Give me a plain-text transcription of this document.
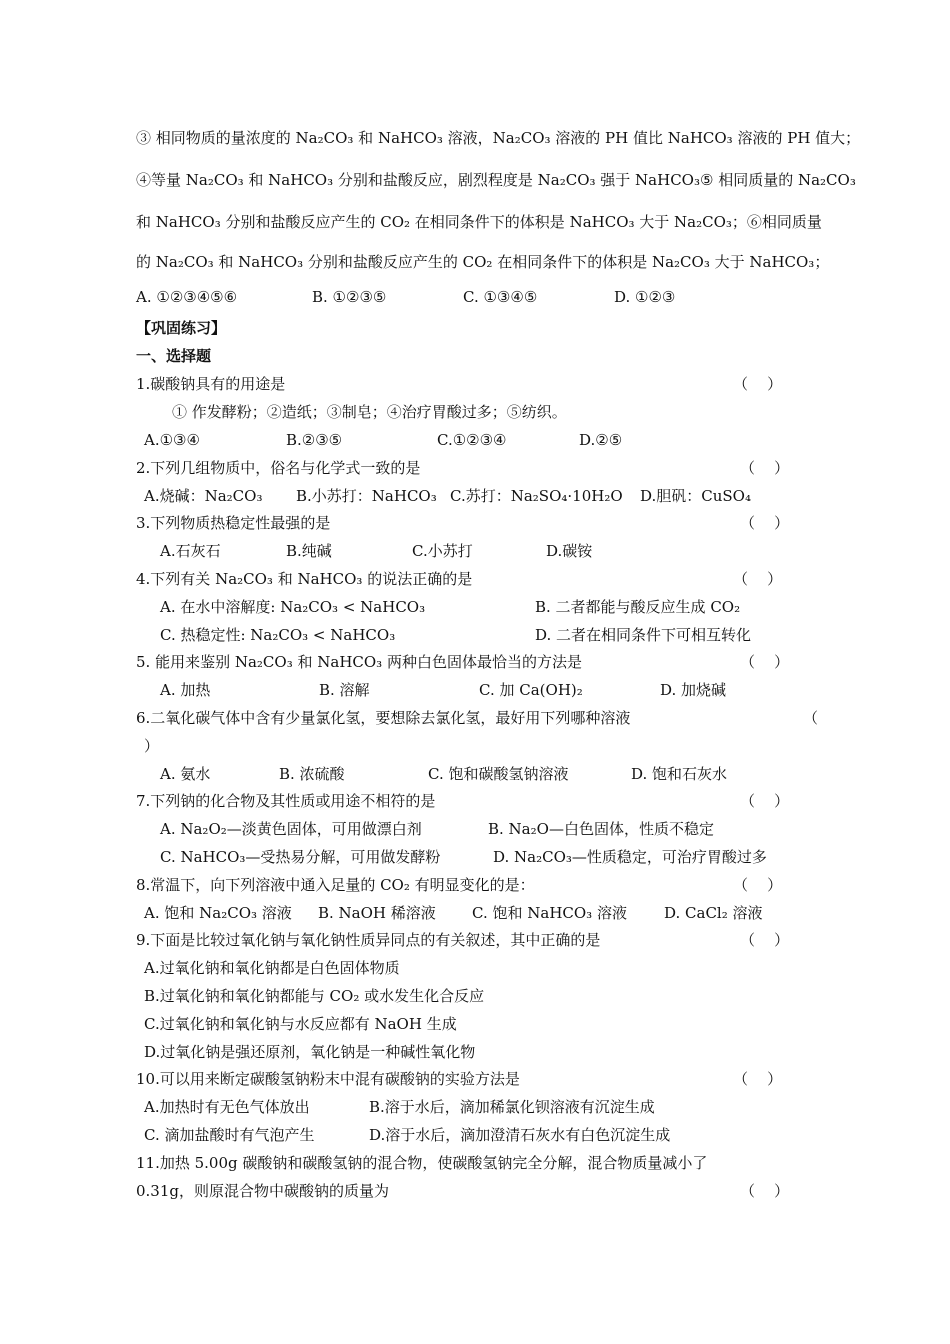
③ 相同物质的量浓度的 Na₂CO₃ 和 NaHCO₃ 溶液，Na₂CO₃ 溶液的 PH 值比 NaHCO₃ 溶液的 PH 值大；
④等量 Na₂CO₃ 和 NaHCO₃ 分别和盐酸反应，剧烈程度是 Na₂CO₃ 强于 NaHCO₃⑤ 相同质量的 Na₂CO₃
和 NaHCO₃ 分别和盐酸反应产生的 CO₂ 在相同条件下的体积是 NaHCO₃ 大于 Na₂CO₃；⑥相同质量
的 Na₂CO₃ 和 NaHCO₃ 分别和盐酸反应产生的 CO₂ 在相同条件下的体积是 Na₂CO₃ 大于 NaHCO₃；
A. ①②③④⑤⑥	B. ①②③⑤	C. ①③④⑤	D. ①②③
【巩固练习】
一、选择题
1.碳酸钠具有的用途是	（    ）
① 作发酵粉；②造纸；③制皂；④治疗胃酸过多；⑤纺织。
A.①③④	B.②③⑤	C.①②③④	D.②⑤
2.下列几组物质中，俗名与化学式一致的是	（    ）
A.烧碱：Na₂CO₃ B.小苏打：NaHCO₃ C.苏打：Na₂SO₄·10H₂O D.胆矾：CuSO₄
3.下列物质热稳定性最强的是	（    ）
A.石灰石	B.纯碱	C.小苏打	D.碳铵
4.下列有关 Na₂CO₃ 和 NaHCO₃ 的说法正确的是	（    ）
A. 在水中溶解度: Na₂CO₃ < NaHCO₃	B. 二者都能与酸反应生成 CO₂
C. 热稳定性: Na₂CO₃ < NaHCO₃	D. 二者在相同条件下可相互转化
5. 能用来鉴别 Na₂CO₃ 和 NaHCO₃ 两种白色固体最恰当的方法是	（    ）
A. 加热	B. 溶解	C. 加 Ca(OH)₂	D. 加烧碱
6.二氧化碳气体中含有少量氯化氢，要想除去氯化氢，最好用下列哪种溶液	（
）
A. 氨水	B. 浓硫酸	C. 饱和碳酸氢钠溶液	D. 饱和石灰水
7.下列钠的化合物及其性质或用途不相符的是	（    ）
A. Na₂O₂—淡黄色固体，可用做漂白剂	B. Na₂O—白色固体，性质不稳定
C. NaHCO₃—受热易分解，可用做发酵粉	D. Na₂CO₃—性质稳定，可治疗胃酸过多
8.常温下，向下列溶液中通入足量的 CO₂ 有明显变化的是：	（    ）
A. 饱和 Na₂CO₃ 溶液 B. NaOH 稀溶液 C. 饱和 NaHCO₃ 溶液 D. CaCl₂ 溶液
9.下面是比较过氧化钠与氧化钠性质异同点的有关叙述，其中正确的是	（    ）
A.过氧化钠和氧化钠都是白色固体物质
B.过氧化钠和氧化钠都能与 CO₂ 或水发生化合反应
C.过氧化钠和氧化钠与水反应都有 NaOH 生成
D.过氧化钠是强还原剂，氧化钠是一种碱性氧化物
10.可以用来断定碳酸氢钠粉末中混有碳酸钠的实验方法是	（    ）
A.加热时有无色气体放出	B.溶于水后，滴加稀氯化钡溶液有沉淀生成
C. 滴加盐酸时有气泡产生	D.溶于水后，滴加澄清石灰水有白色沉淀生成
11.加热 5.00g 碳酸钠和碳酸氢钠的混合物，使碳酸氢钠完全分解，混合物质量减小了
0.31g，则原混合物中碳酸钠的质量为	（    ）
